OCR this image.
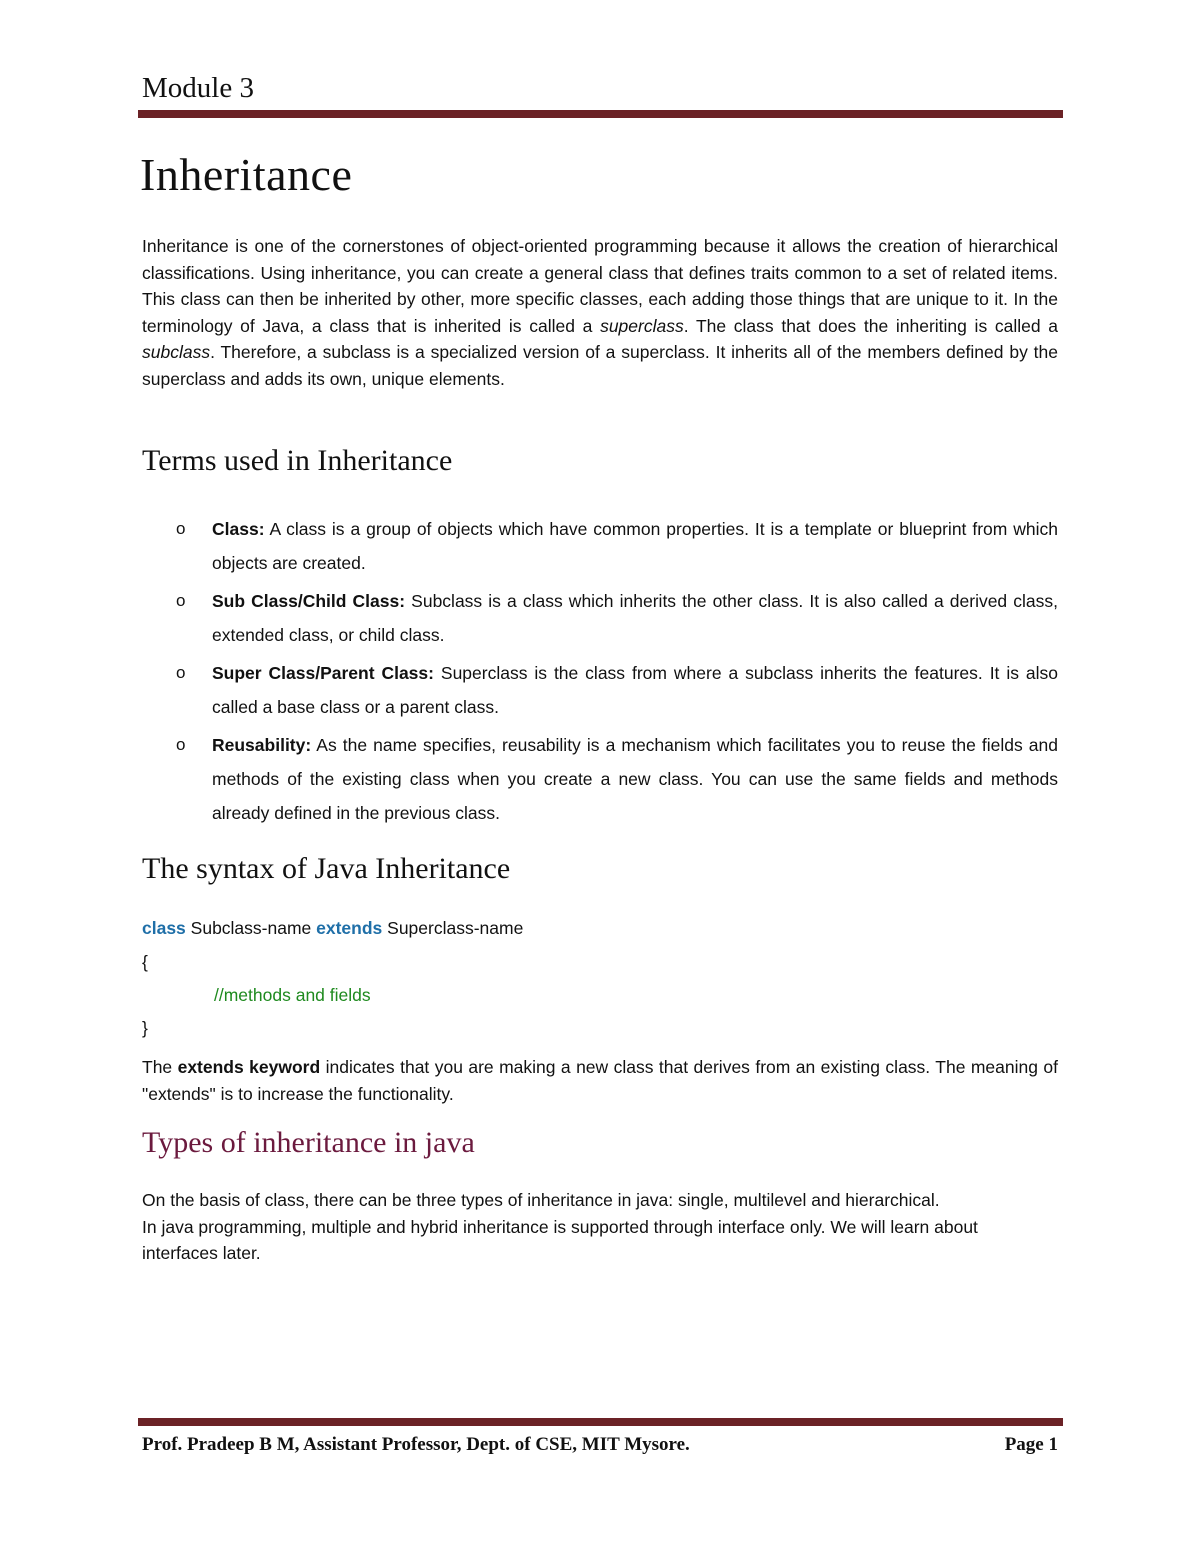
Module 3
Inheritance

Inheritance is one of the cornerstones of object-oriented programming because it allows the creation of hierarchical classifications. Using inheritance, you can create a general class that defines traits common to a set of related items. This class can then be inherited by other, more specific classes, each adding those things that are unique to it. In the terminology of Java, a class that is inherited is called a superclass. The class that does the inheriting is called a subclass. Therefore, a subclass is a specialized version of a superclass. It inherits all of the members defined by the superclass and adds its own, unique elements.

Terms used in Inheritance
o Class: A class is a group of objects which have common properties. It is a template or blueprint from which objects are created.
o Sub Class/Child Class: Subclass is a class which inherits the other class. It is also called a derived class, extended class, or child class.
o Super Class/Parent Class: Superclass is the class from where a subclass inherits the features. It is also called a base class or a parent class.
o Reusability: As the name specifies, reusability is a mechanism which facilitates you to reuse the fields and methods of the existing class when you create a new class. You can use the same fields and methods already defined in the previous class.
The syntax of Java Inheritance
class Subclass-name extends Superclass-name
{
//methods and fields
}

The extends keyword indicates that you are making a new class that derives from an existing class. The meaning of "extends" is to increase the functionality.

Types of inheritance in java

On the basis of class, there can be three types of inheritance in java: single, multilevel and hierarchical.
In java programming, multiple and hybrid inheritance is supported through interface only. We will learn about interfaces later.

Prof. Pradeep B M, Assistant Professor, Dept. of CSE, MIT Mysore.	Page 1
